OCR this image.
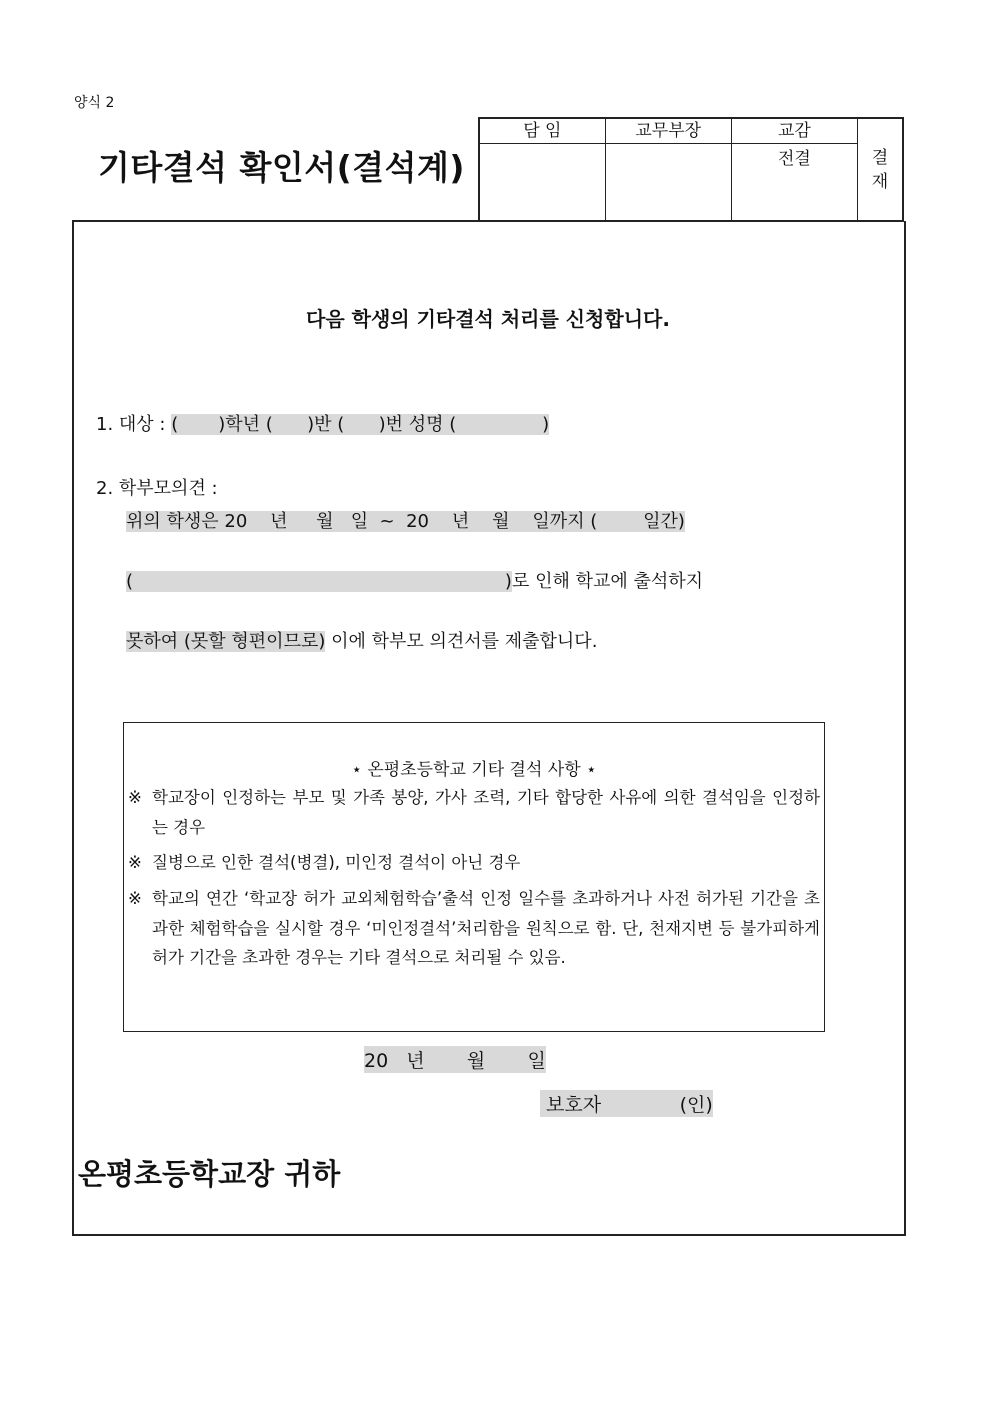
양식 2
기타결석 확인서(결석계)
담 임	교무부장	교감	결
재

		전결	
다음 학생의 기타결석 처리를 신청합니다.
1. 대상 : (       )학년 (      )반 (      )번 성명 (               )
2. 학부모의견 :
위의 학생은 20    년     월   일  ~  20    년    월    일까지 (        일간)
(                                                                 )로 인해 학교에 출석하지
못하여 (못할 형편이므로) 이에 학부모 의견서를 제출합니다.
⋆ 온평초등학교 기타 결석 사항 ⋆
※ 학교장이 인정하는 부모 및 가족 봉양, 가사 조력, 기타 합당한 사유에 의한 결석임을 인정하는 경우
※ 질병으로 인한 결석(병결), 미인정 결석이 아닌 경우
※ 학교의 연간 ‘학교장 허가 교외체험학습’출석 인정 일수를 초과하거나 사전 허가된 기간을 초과한 체험학습을 실시할 경우 ‘미인정결석’처리함을 원칙으로 함. 단, 천재지변 등 불가피하게 허가 기간을 초과한 경우는 기타 결석으로 처리될 수 있음.
20   년       월       일
보호자             (인)
온평초등학교장 귀하
